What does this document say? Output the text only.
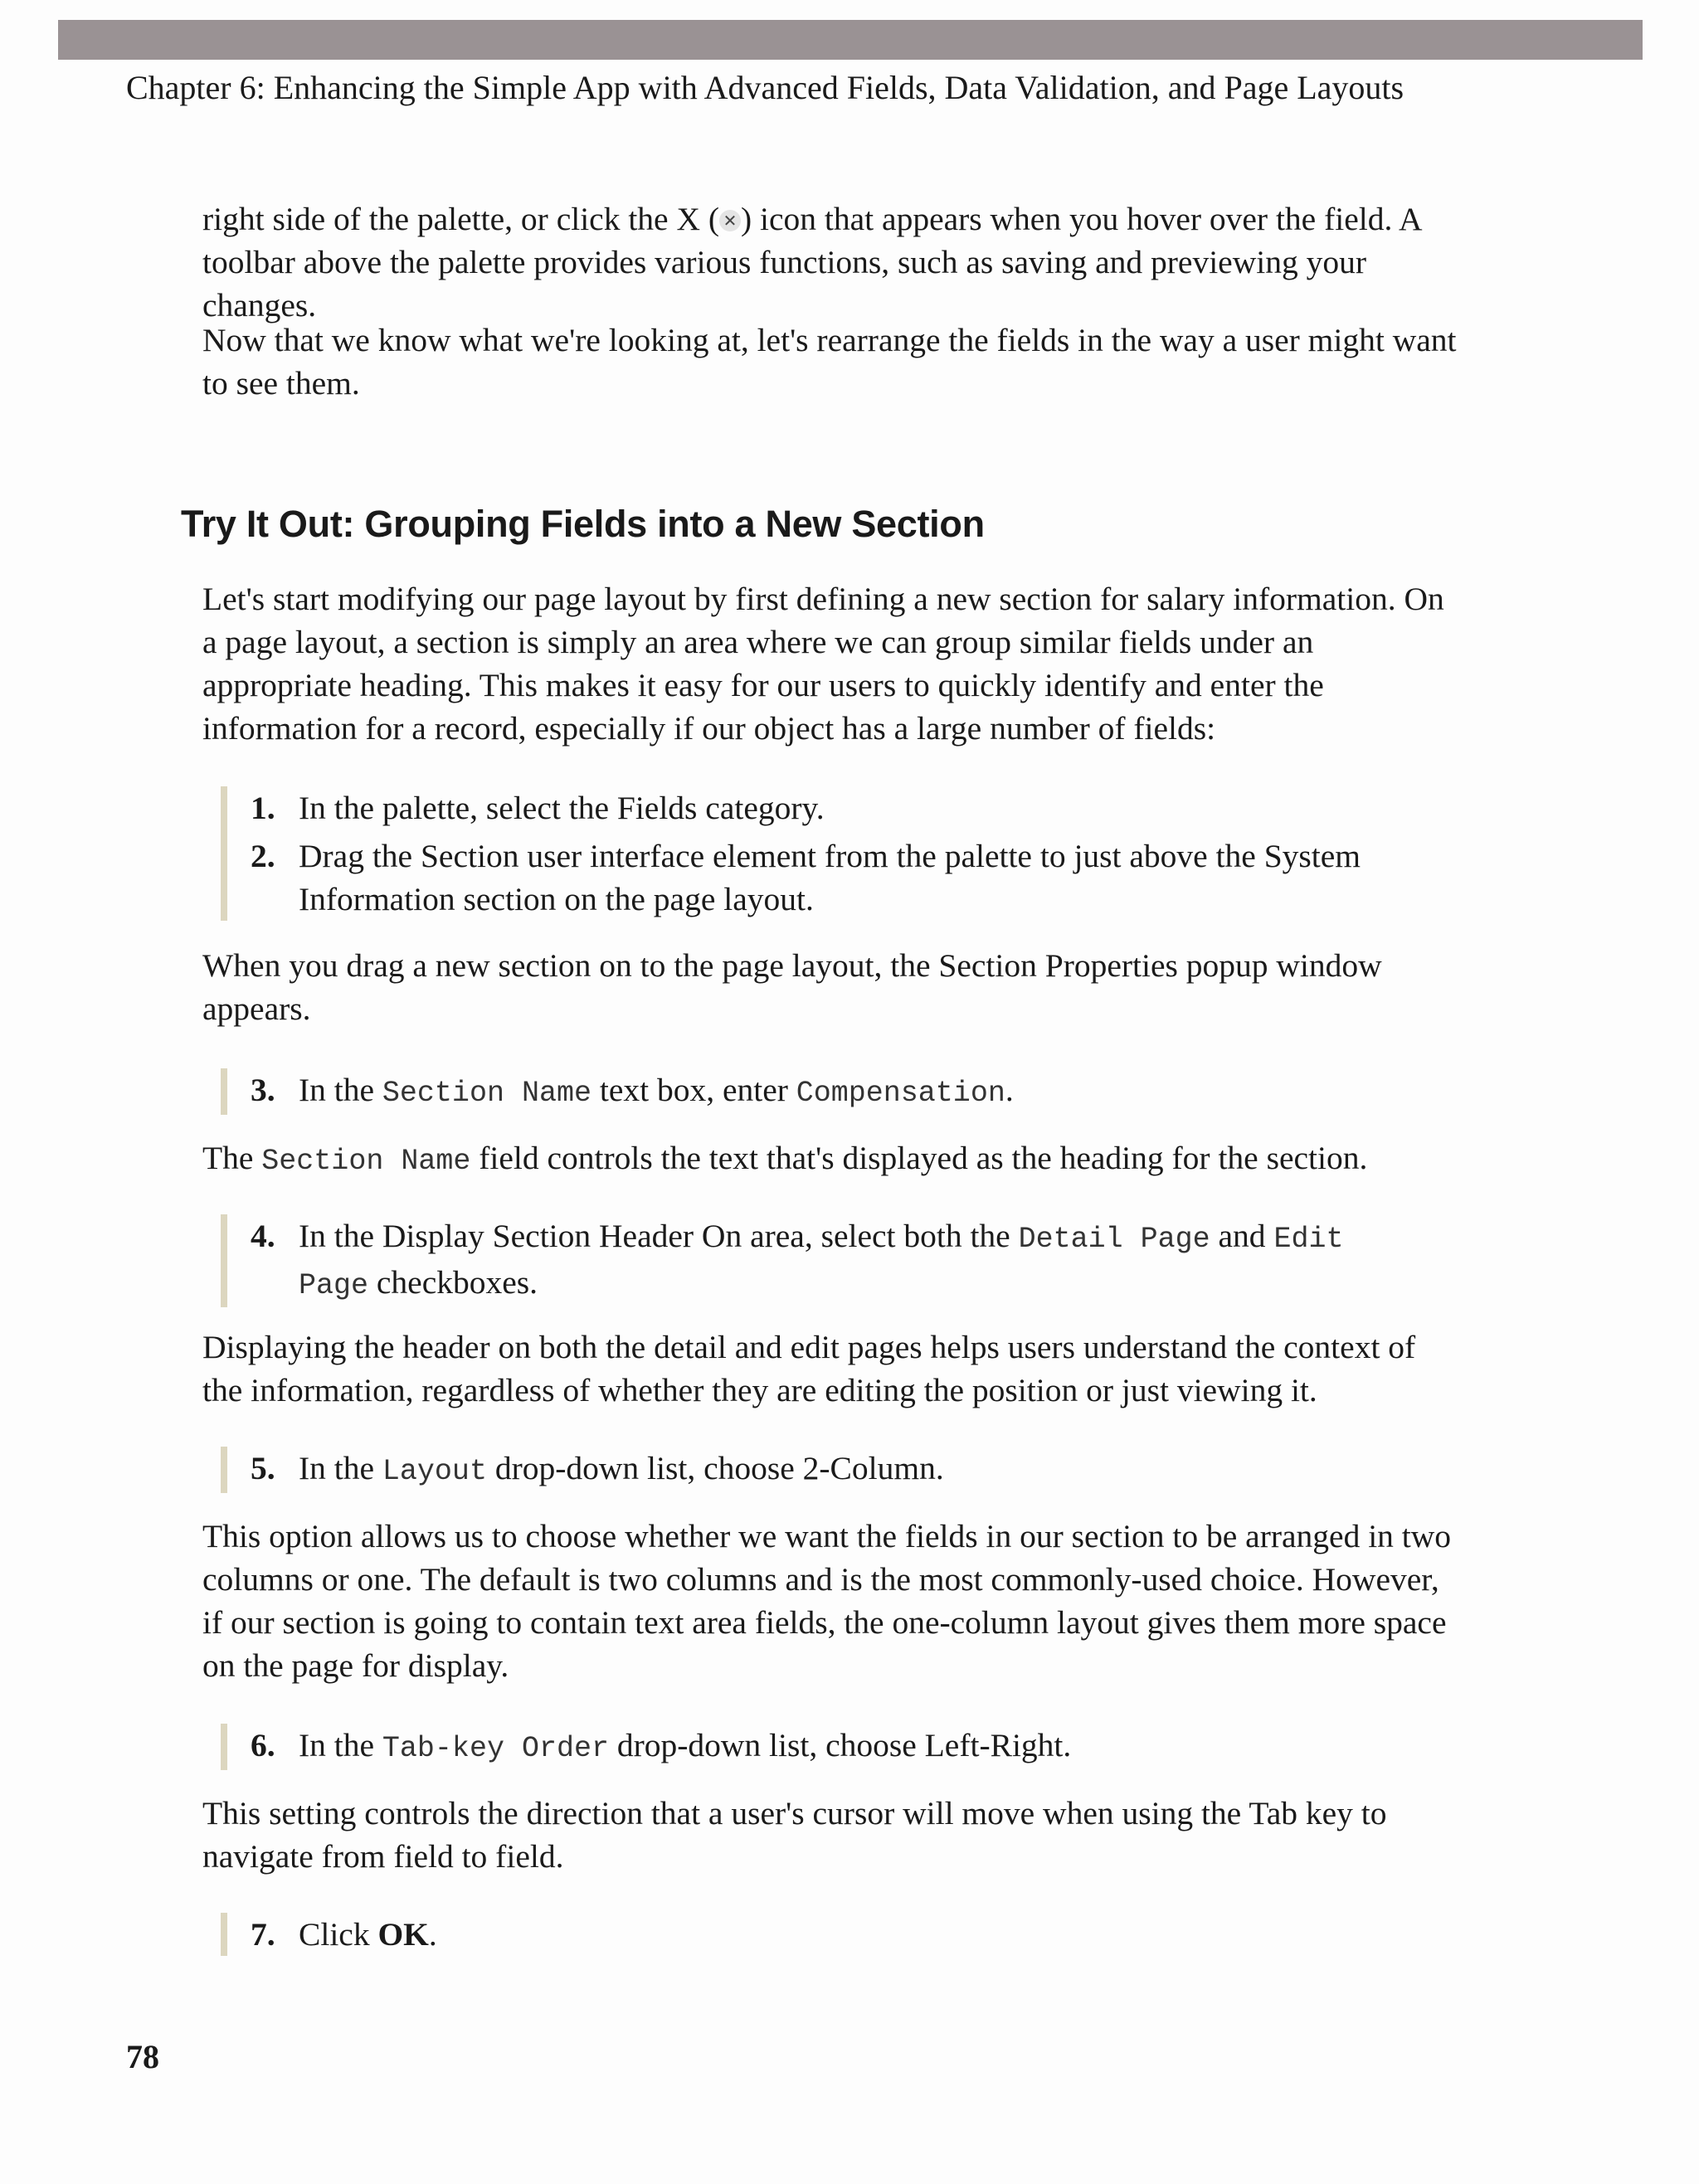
Chapter 6: Enhancing the Simple App with Advanced Fields, Data Validation, and Page Layouts

right side of the palette, or click the X ( ✕ ) icon that appears when you hover over the field. A toolbar above the palette provides various functions, such as saving and previewing your changes.

Now that we know what we're looking at, let's rearrange the fields in the way a user might want to see them.

Try It Out: Grouping Fields into a New Section

Let's start modifying our page layout by first defining a new section for salary information. On a page layout, a section is simply an area where we can group similar fields under an appropriate heading. This makes it easy for our users to quickly identify and enter the information for a record, especially if our object has a large number of fields:

1. In the palette, select the Fields category.
2. Drag the Section user interface element from the palette to just above the System Information section on the page layout.

When you drag a new section on to the page layout, the Section Properties popup window appears.

3. In the Section Name text box, enter Compensation.

The Section Name field controls the text that's displayed as the heading for the section.

4. In the Display Section Header On area, select both the Detail Page and Edit Page checkboxes.

Displaying the header on both the detail and edit pages helps users understand the context of the information, regardless of whether they are editing the position or just viewing it.

5. In the Layout drop-down list, choose 2-Column.

This option allows us to choose whether we want the fields in our section to be arranged in two columns or one. The default is two columns and is the most commonly-used choice. However, if our section is going to contain text area fields, the one-column layout gives them more space on the page for display.

6. In the Tab-key Order drop-down list, choose Left-Right.

This setting controls the direction that a user's cursor will move when using the Tab key to navigate from field to field.

7. Click OK.
78
